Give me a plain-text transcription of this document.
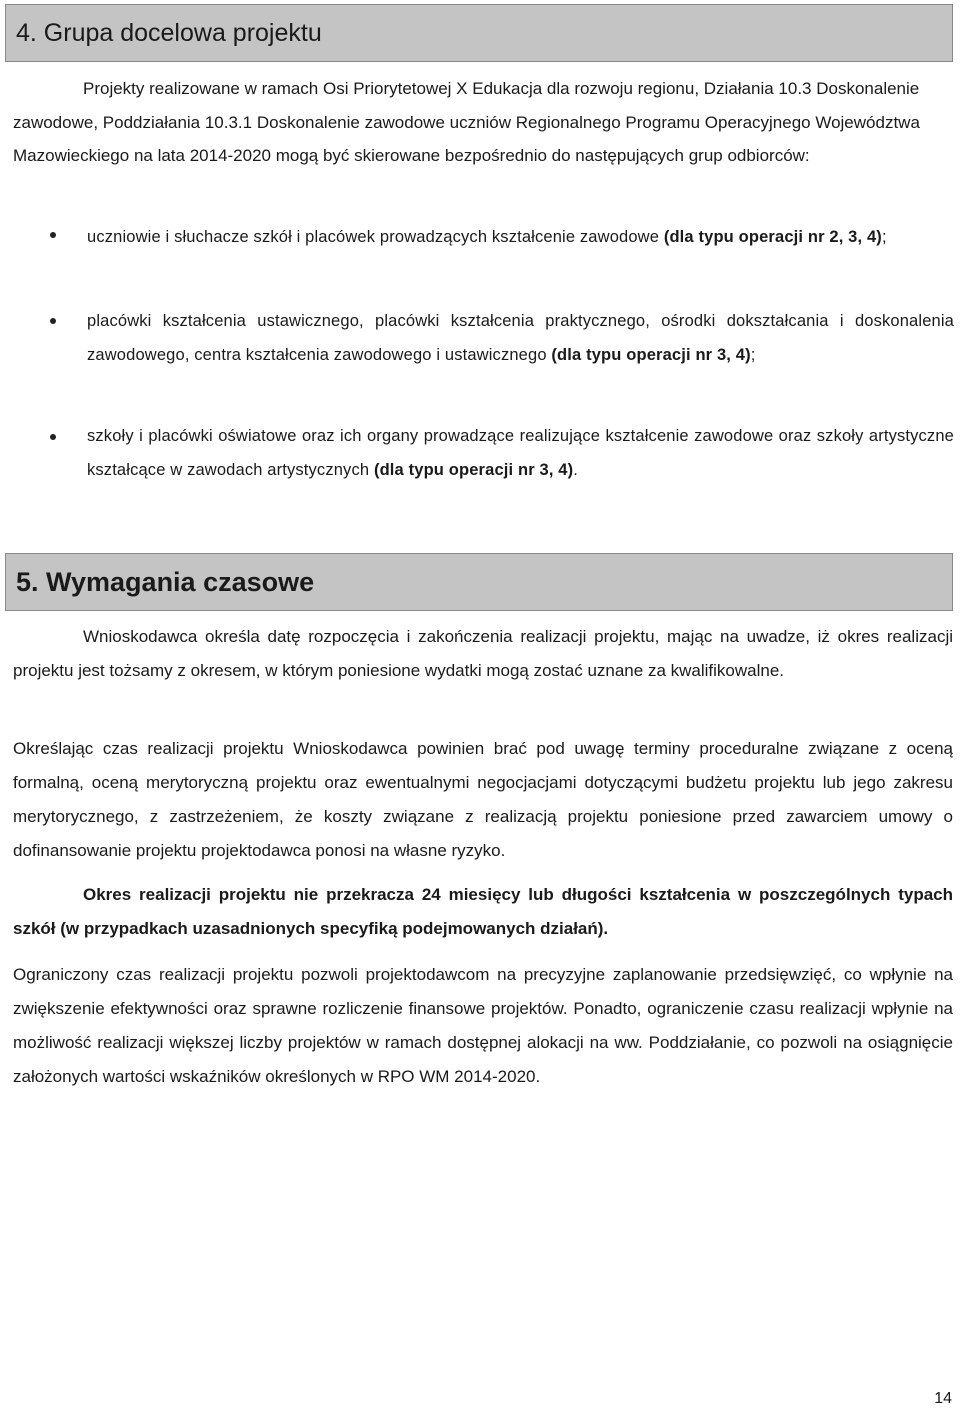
4. Grupa docelowa projektu

Projekty realizowane w ramach Osi Priorytetowej X Edukacja dla rozwoju regionu, Działania 10.3 Doskonalenie zawodowe, Poddziałania 10.3.1 Doskonalenie zawodowe uczniów Regionalnego Programu Operacyjnego Województwa Mazowieckiego na lata 2014-2020 mogą być skierowane bezpośrednio do następujących grup odbiorców:

uczniowie i słuchacze szkół i placówek prowadzących kształcenie zawodowe (dla typu operacji nr 2, 3, 4);

placówki kształcenia ustawicznego, placówki kształcenia praktycznego, ośrodki dokształcania i doskonalenia zawodowego, centra kształcenia zawodowego i ustawicznego (dla typu operacji nr 3, 4);

szkoły i placówki oświatowe oraz ich organy prowadzące realizujące kształcenie zawodowe oraz szkoły artystyczne kształcące w zawodach artystycznych (dla typu operacji nr 3, 4).

5. Wymagania czasowe

Wnioskodawca określa datę rozpoczęcia i zakończenia realizacji projektu, mając na uwadze, iż okres realizacji projektu jest tożsamy z okresem, w którym poniesione wydatki mogą zostać uznane za kwalifikowalne.

Określając czas realizacji projektu Wnioskodawca powinien brać pod uwagę terminy proceduralne związane z oceną formalną, oceną merytoryczną projektu oraz ewentualnymi negocjacjami dotyczącymi budżetu projektu lub jego zakresu merytorycznego, z zastrzeżeniem, że koszty związane z realizacją projektu poniesione przed zawarciem umowy o dofinansowanie projektu projektodawca ponosi na własne ryzyko.

Okres realizacji projektu nie przekracza 24 miesięcy lub długości kształcenia w poszczególnych typach szkół (w przypadkach uzasadnionych specyfiką podejmowanych działań).

Ograniczony czas realizacji projektu pozwoli projektodawcom na precyzyjne zaplanowanie przedsięwzięć, co wpłynie na zwiększenie efektywności oraz sprawne rozliczenie finansowe projektów. Ponadto, ograniczenie czasu realizacji wpłynie na możliwość realizacji większej liczby projektów w ramach dostępnej alokacji na ww. Poddziałanie, co pozwoli na osiągnięcie założonych wartości wskaźników określonych w RPO WM 2014-2020.

14
